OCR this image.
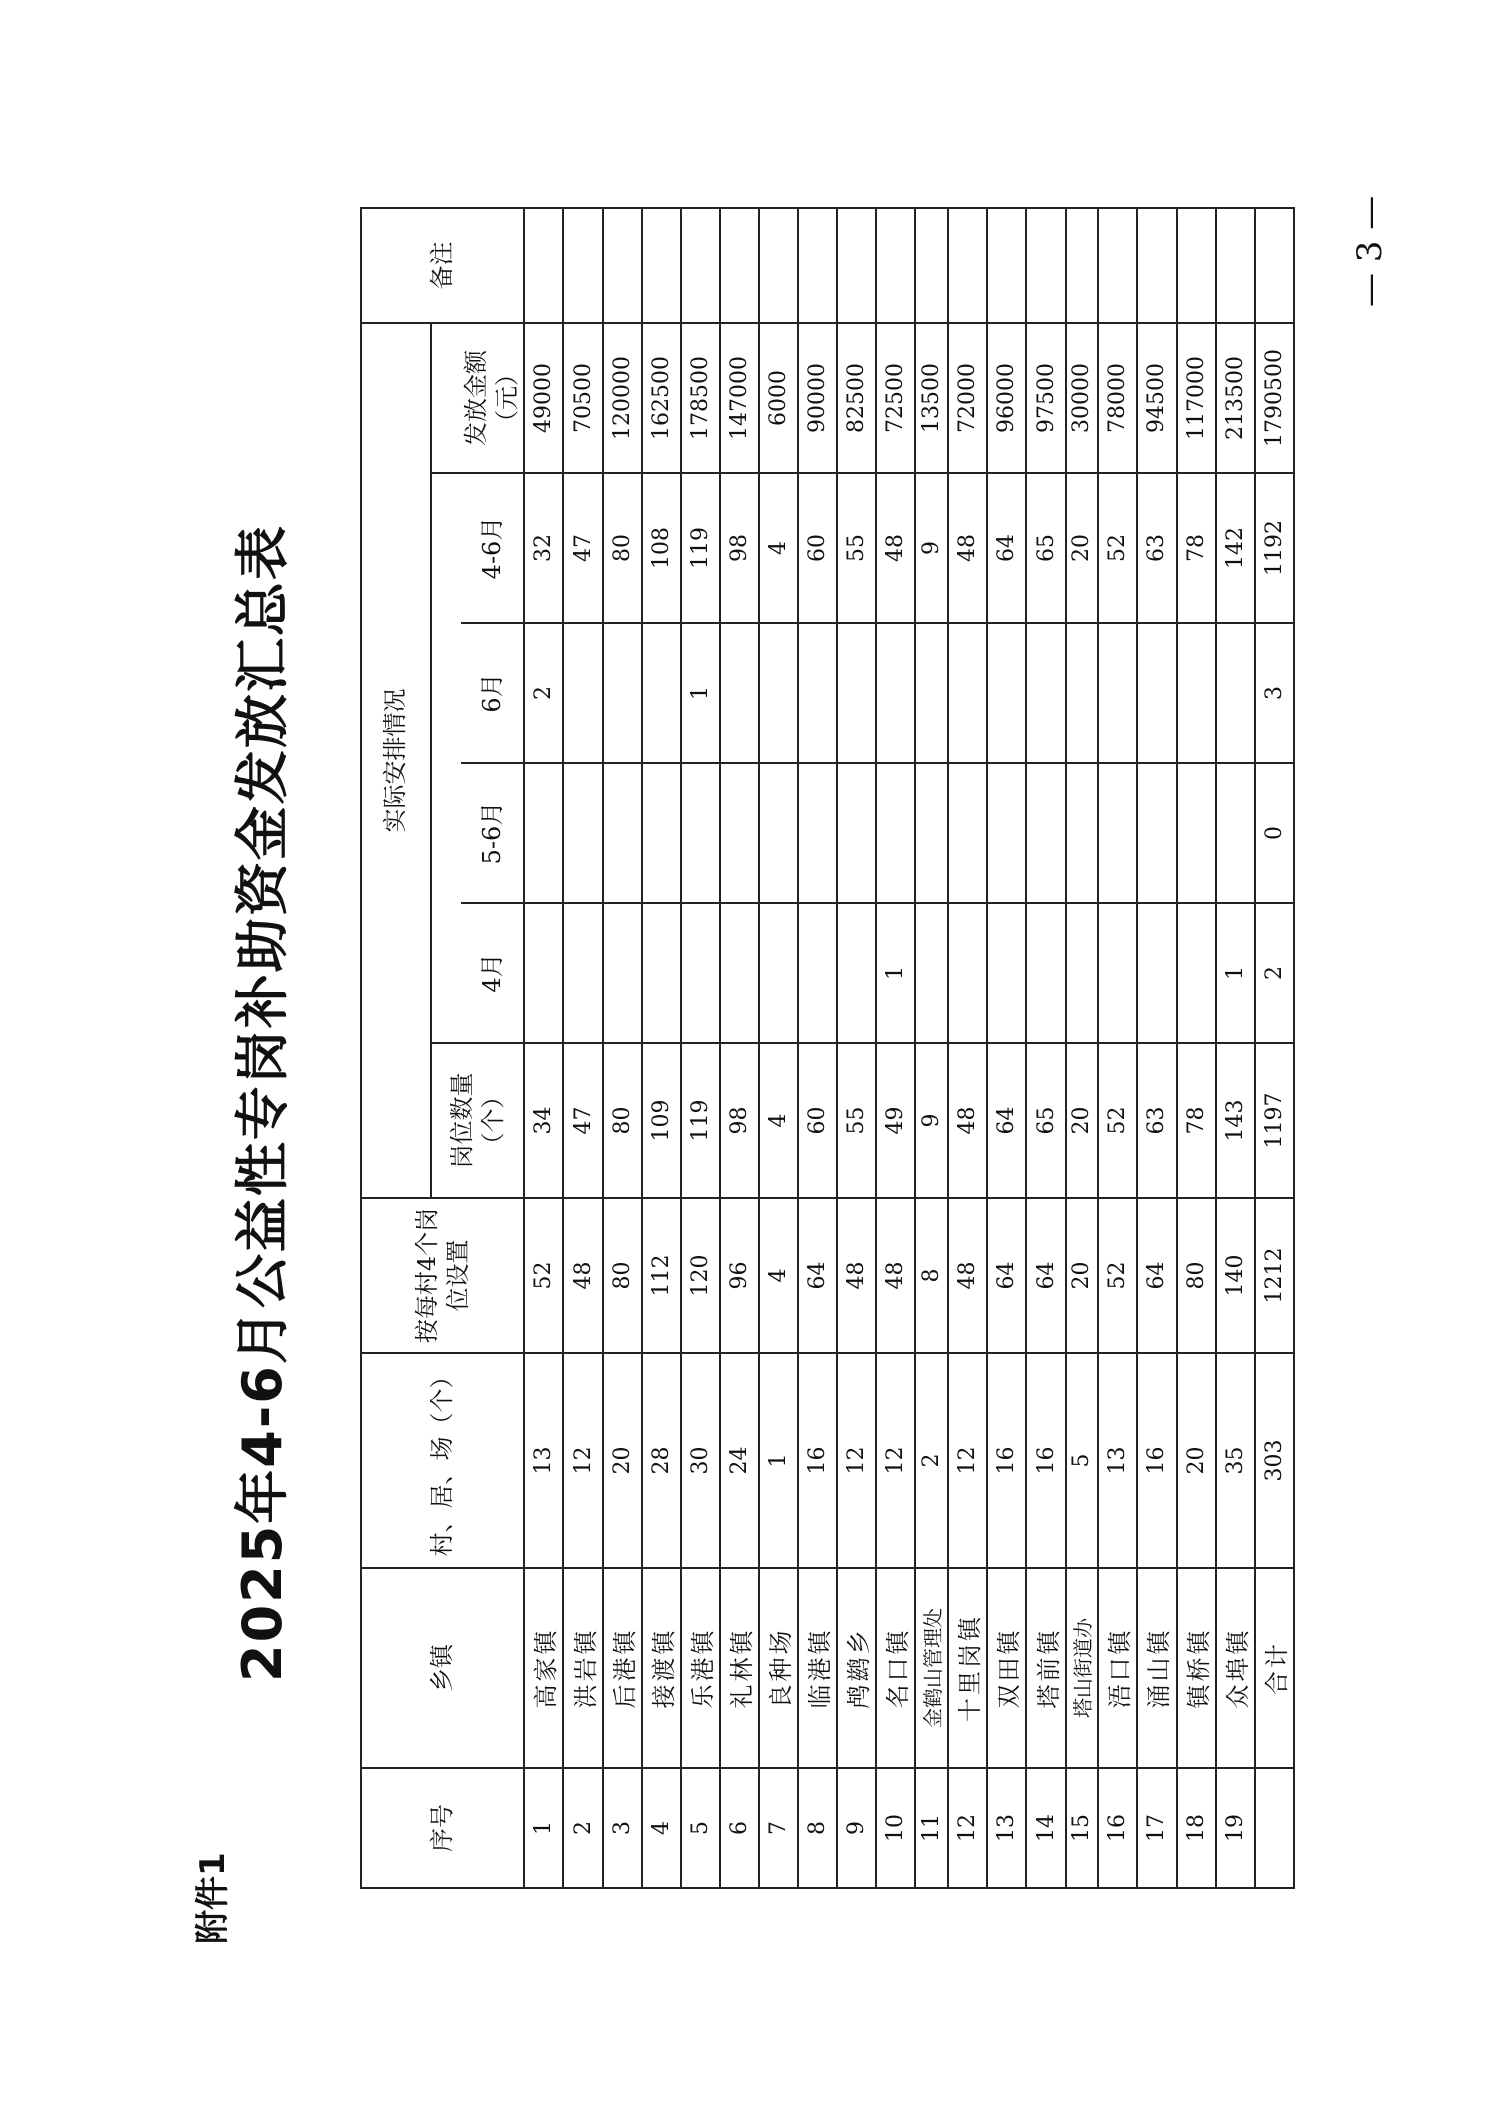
附件1
2025年4-6月公益性专岗补助资金发放汇总表
序号	乡镇	村、居、场（个）	按每村4个岗位设置	实际安排情况						备注
				岗位数量（个）						
					4月	5-6月	6月	4-6月	发放金额（元）	
1	高家镇	13	52	34			2	32	49000	
2	洪岩镇	12	48	47				47	70500	
3	后港镇	20	80	80				80	120000	
4	接渡镇	28	112	109				108	162500	
5	乐港镇	30	120	119			1	119	178500	
6	礼林镇	24	96	98				98	147000	
7	良种场	1	4	4				4	6000	
8	临港镇	16	64	60				60	90000	
9	鸬鹚乡	12	48	55				55	82500	
10	名口镇	12	48	49	1			48	72500	
11	金鹤山管理处	2	8	9				9	13500	
12	十里岗镇	12	48	48				48	72000	
13	双田镇	16	64	64				64	96000	
14	塔前镇	16	64	65				65	97500	
15	塔山街道办	5	20	20				20	30000	
16	浯口镇	13	52	52				52	78000	
17	涌山镇	16	64	63				63	94500	
18	镇桥镇	20	80	78				78	117000	
19	众埠镇	35	140	143	1			142	213500	
	合计	303	1212	1197	2	0	3	1192	1790500	
— 3 —
